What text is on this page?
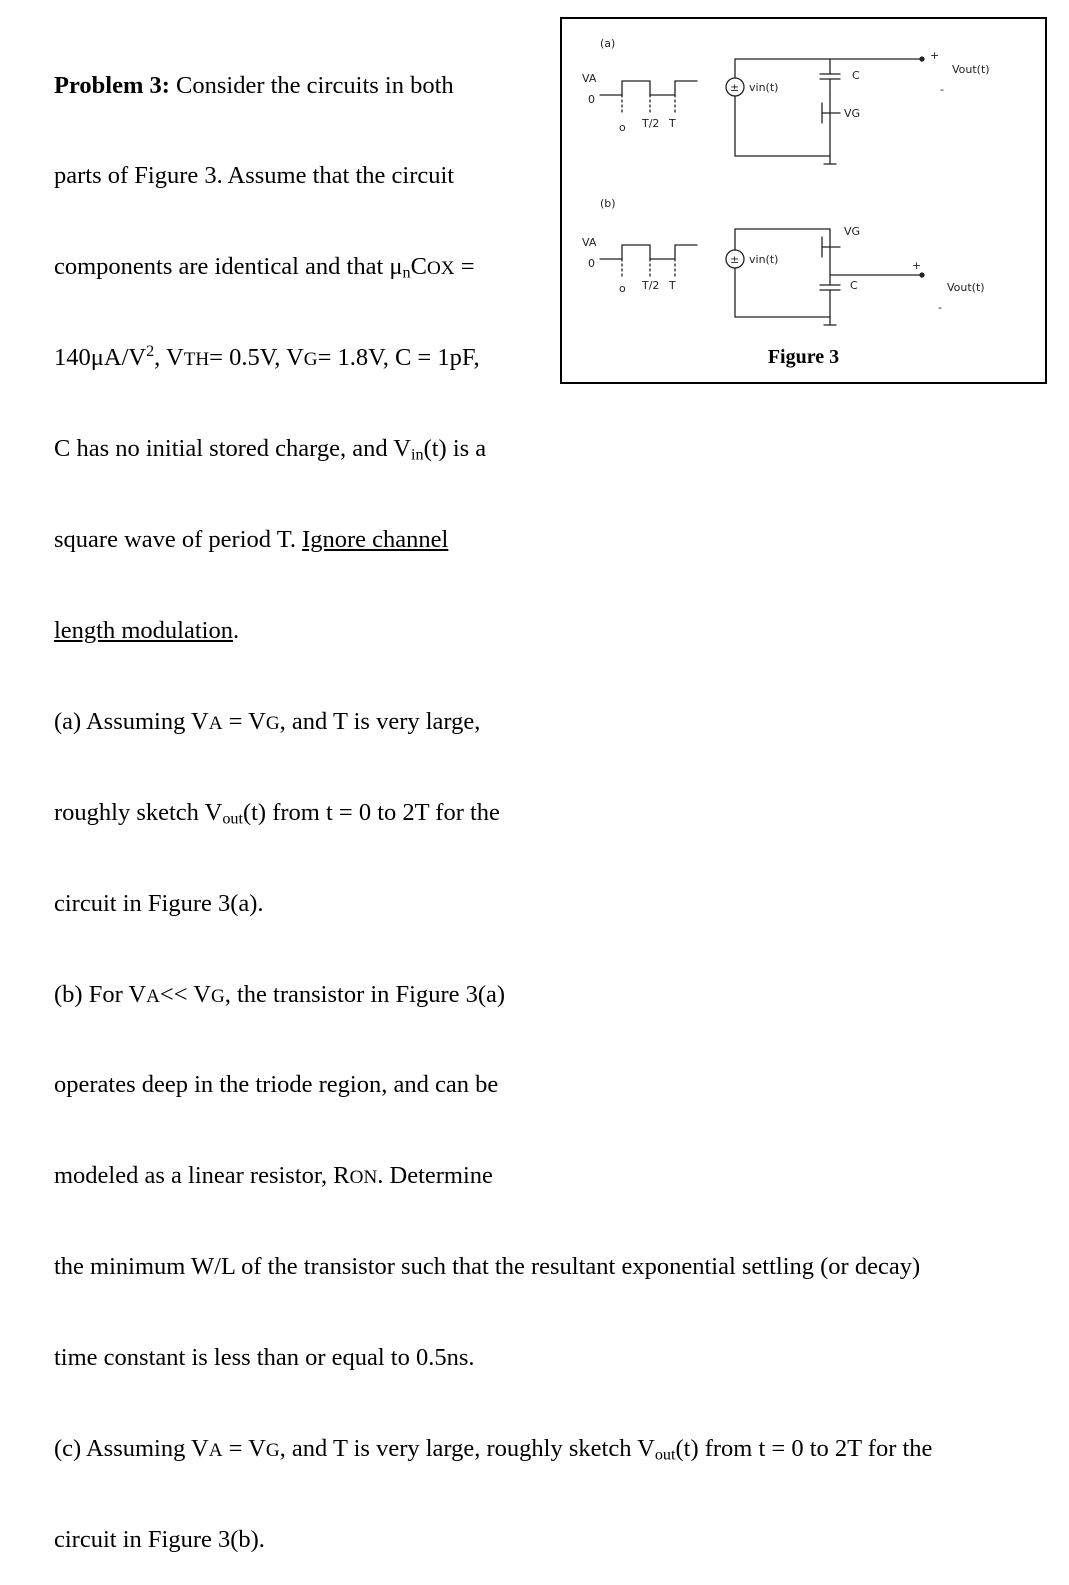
Problem 3: Consider the circuits in both

parts of Figure 3. Assume that the circuit

components are identical and that $\mu_nCOX$ =

$140\mu A/V^2$, VTH= 0.5V, VG= 1.8V, C = 1pF,

C has no initial stored charge, and $V_{in}(t)$ is a

square wave of period T. Ignore channel

length modulation.

(a) Assuming VA = VG, and T is very large,

roughly sketch $V_{out}(t)$ from t = 0 to 2T for the

circuit in Figure 3(a).

(b) For VA<< VG, the transistor in Figure 3(a)

operates deep in the triode region, and can be

modeled as a linear resistor, RON. Determine

the minimum W/L of the transistor such that the resultant exponential settling (or decay)

time constant is less than or equal to 0.5ns.

(c) Assuming VA = VG, and T is very large, roughly sketch $V_{out}(t)$ from t = 0 to 2T for the

circuit in Figure 3(b).

(a)
VA
0
o T/2 T
± vin(t)
C
VG
+
-
Vout(t)
(b)
VA
0
o T/2 T
± vin(t)
VG
C
+
-
Vout(t)
Figure 3
